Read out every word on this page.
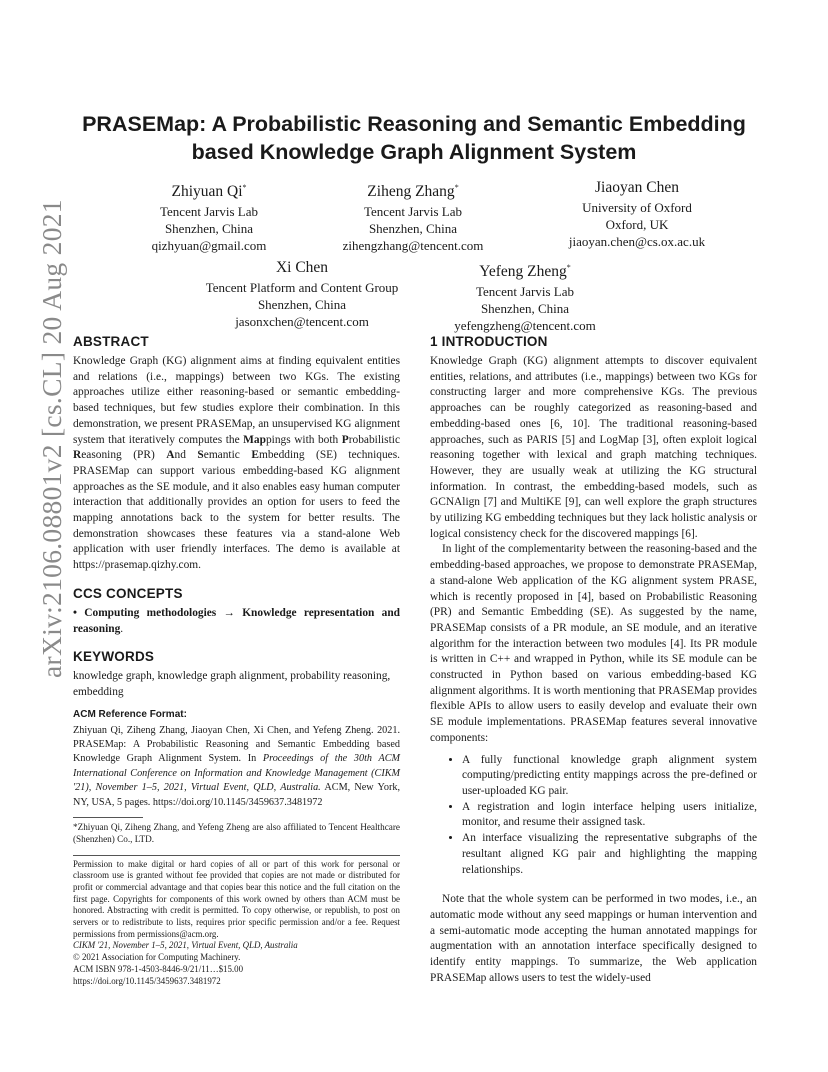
arXiv:2106.08801v2 [cs.CL] 20 Aug 2021
PRASEMap: A Probabilistic Reasoning and Semantic Embedding
based Knowledge Graph Alignment System
Zhiyuan Qi*
Tencent Jarvis Lab
Shenzhen, China
qizhyuan@gmail.com
Ziheng Zhang*
Tencent Jarvis Lab
Shenzhen, China
zihengzhang@tencent.com
Jiaoyan Chen
University of Oxford
Oxford, UK
jiaoyan.chen@cs.ox.ac.uk
Xi Chen
Tencent Platform and Content Group
Shenzhen, China
jasonxchen@tencent.com
Yefeng Zheng*
Tencent Jarvis Lab
Shenzhen, China
yefengzheng@tencent.com
ABSTRACT

Knowledge Graph (KG) alignment aims at finding equivalent entities and relations (i.e., mappings) between two KGs. The existing approaches utilize either reasoning-based or semantic embedding-based techniques, but few studies explore their combination. In this demonstration, we present PRASEMap, an unsupervised KG alignment system that iteratively computes the Mappings with both Probabilistic Reasoning (PR) And Semantic Embedding (SE) techniques. PRASEMap can support various embedding-based KG alignment approaches as the SE module, and it also enables easy human computer interaction that additionally provides an option for users to feed the mapping annotations back to the system for better results. The demonstration showcases these features via a stand-alone Web application with user friendly interfaces. The demo is available at https://prasemap.qizhy.com.

CCS CONCEPTS

• Computing methodologies → Knowledge representation and reasoning.

KEYWORDS

knowledge graph, knowledge graph alignment, probability reasoning, embedding

ACM Reference Format:

Zhiyuan Qi, Ziheng Zhang, Jiaoyan Chen, Xi Chen, and Yefeng Zheng. 2021. PRASEMap: A Probabilistic Reasoning and Semantic Embedding based Knowledge Graph Alignment System. In Proceedings of the 30th ACM International Conference on Information and Knowledge Management (CIKM '21), November 1–5, 2021, Virtual Event, QLD, Australia. ACM, New York, NY, USA, 5 pages. https://doi.org/10.1145/3459637.3481972

*Zhiyuan Qi, Ziheng Zhang, and Yefeng Zheng are also affiliated to Tencent Healthcare (Shenzhen) Co., LTD.

Permission to make digital or hard copies of all or part of this work for personal or classroom use is granted without fee provided that copies are not made or distributed for profit or commercial advantage and that copies bear this notice and the full citation on the first page. Copyrights for components of this work owned by others than ACM must be honored. Abstracting with credit is permitted. To copy otherwise, or republish, to post on servers or to redistribute to lists, requires prior specific permission and/or a fee. Request permissions from permissions@acm.org.

CIKM '21, November 1–5, 2021, Virtual Event, QLD, Australia
© 2021 Association for Computing Machinery.
ACM ISBN 978-1-4503-8446-9/21/11…$15.00
https://doi.org/10.1145/3459637.3481972
1 INTRODUCTION

Knowledge Graph (KG) alignment attempts to discover equivalent entities, relations, and attributes (i.e., mappings) between two KGs for constructing larger and more comprehensive KGs. The previous approaches can be roughly categorized as reasoning-based and embedding-based ones [6, 10]. The traditional reasoning-based approaches, such as PARIS [5] and LogMap [3], often exploit logical reasoning together with lexical and graph matching techniques. However, they are usually weak at utilizing the KG structural information. In contrast, the embedding-based models, such as GCNAlign [7] and MultiKE [9], can well explore the graph structures by utilizing KG embedding techniques but they lack holistic analysis or logical consistency check for the discovered mappings [6].

In light of the complementarity between the reasoning-based and the embedding-based approaches, we propose to demonstrate PRASEMap, a stand-alone Web application of the KG alignment system PRASE, which is recently proposed in [4], based on Probabilistic Reasoning (PR) and Semantic Embedding (SE). As suggested by the name, PRASEMap consists of a PR module, an SE module, and an iterative algorithm for the interaction between two modules [4]. Its PR module is written in C++ and wrapped in Python, while its SE module can be constructed in Python based on various embedding-based KG alignment algorithms. It is worth mentioning that PRASEMap provides flexible APIs to allow users to easily develop and evaluate their own SE module implementations. PRASEMap features several innovative components:

• A fully functional knowledge graph alignment system computing/predicting entity mappings across the pre-defined or user-uploaded KG pair.
• A registration and login interface helping users initialize, monitor, and resume their assigned task.
• An interface visualizing the representative subgraphs of the resultant aligned KG pair and highlighting the mapping relationships.

Note that the whole system can be performed in two modes, i.e., an automatic mode without any seed mappings or human intervention and a semi-automatic mode accepting the human annotated mappings for augmentation with an annotation interface specifically designed to identify entity mappings. To summarize, the Web application PRASEMap allows users to test the widely-used
